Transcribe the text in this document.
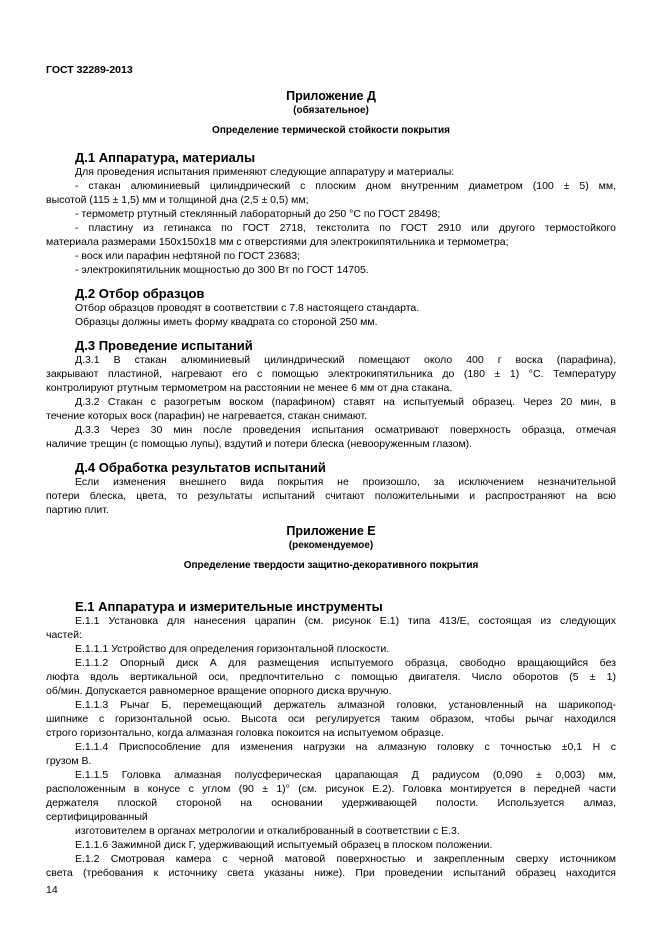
ГОСТ 32289-2013
Приложение Д
(обязательное)
Определение термической стойкости покрытия
Д.1 Аппаратура, материалы
Для проведения испытания применяют следующие аппаратуру и материалы:
- стакан алюминиевый цилиндрический с плоским дном внутренним диаметром (100 ± 5) мм,
высотой (115 ± 1,5) мм и толщиной дна (2,5 ± 0,5) мм;
- термометр ртутный стеклянный лабораторный до 250 °С по ГОСТ 28498;
- пластину из гетинакса по ГОСТ 2718, текстолита по ГОСТ 2910 или другого термостойкого
материала размерами 150х150х18 мм с отверстиями для электрокипятильника и термометра;
- воск или парафин нефтяной по ГОСТ 23683;
- электрокипятильник мощностью до 300 Вт по ГОСТ 14705.
Д.2 Отбор образцов
Отбор образцов проводят в соответствии с 7.8 настоящего стандарта.
Образцы должны иметь форму квадрата со стороной 250 мм.
Д.3 Проведение испытаний
Д.3.1 В стакан алюминиевый цилиндрический помещают около 400 г воска (парафина),
закрывают пластиной, нагревают его с помощью электрокипятильника до (180 ± 1) °С. Температуру
контролируют ртутным термометром на расстоянии не менее 6 мм от дна стакана.
Д.3.2 Стакан с разогретым воском (парафином) ставят на испытуемый образец. Через 20 мин, в
течение которых воск (парафин) не нагревается, стакан снимают.
Д.3.3 Через 30 мин после проведения испытания осматривают поверхность образца, отмечая
наличие трещин (с помощью лупы), вздутий и потери блеска (невооруженным глазом).
Д.4 Обработка результатов испытаний
Если изменения внешнего вида покрытия не произошло, за исключением незначительной
потери блеска, цвета, то результаты испытаний считают положительными и распространяют на всю
партию плит.
Приложение Е
(рекомендуемое)
Определение твердости защитно-декоративного покрытия
Е.1 Аппаратура и измерительные инструменты
Е.1.1 Установка для нанесения царапин (см. рисунок Е.1) типа 413/Е, состоящая из следующих
частей:
Е.1.1.1 Устройство для определения горизонтальной плоскости.
Е.1.1.2 Опорный диск А для размещения испытуемого образца, свободно вращающийся без
люфта вдоль вертикальной оси, предпочтительно с помощью двигателя. Число оборотов (5 ± 1)
об/мин. Допускается равномерное вращение опорного диска вручную.
Е.1.1.3 Рычаг Б, перемещающий держатель алмазной головки, установленный на шарикопод-
шипнике с горизонтальной осью. Высота оси регулируется таким образом, чтобы рычаг находился
строго горизонтально, когда алмазная головка покоится на испытуемом образце.
Е.1.1.4 Приспособление для изменения нагрузки на алмазную головку с точностью ±0,1 Н с
грузом В.
Е.1.1.5 Головка алмазная полусферическая царапающая Д радиусом (0,090 ± 0,003) мм,
расположенным в конусе с углом (90 ± 1)° (см. рисунок Е.2). Головка монтируется в передней части
держателя плоской стороной на основании удерживающей полости. Используется алмаз,
сертифицированный
изготовителем в органах метрологии и откалиброванный в соответствии с Е.3.
Е.1.1.6 Зажимной диск Г, удерживающий испытуемый образец в плоском положении.
Е.1.2 Смотровая камера с черной матовой поверхностью и закрепленным сверху источником
света (требования к источнику света указаны ниже). При проведении испытаний образец находится
14
